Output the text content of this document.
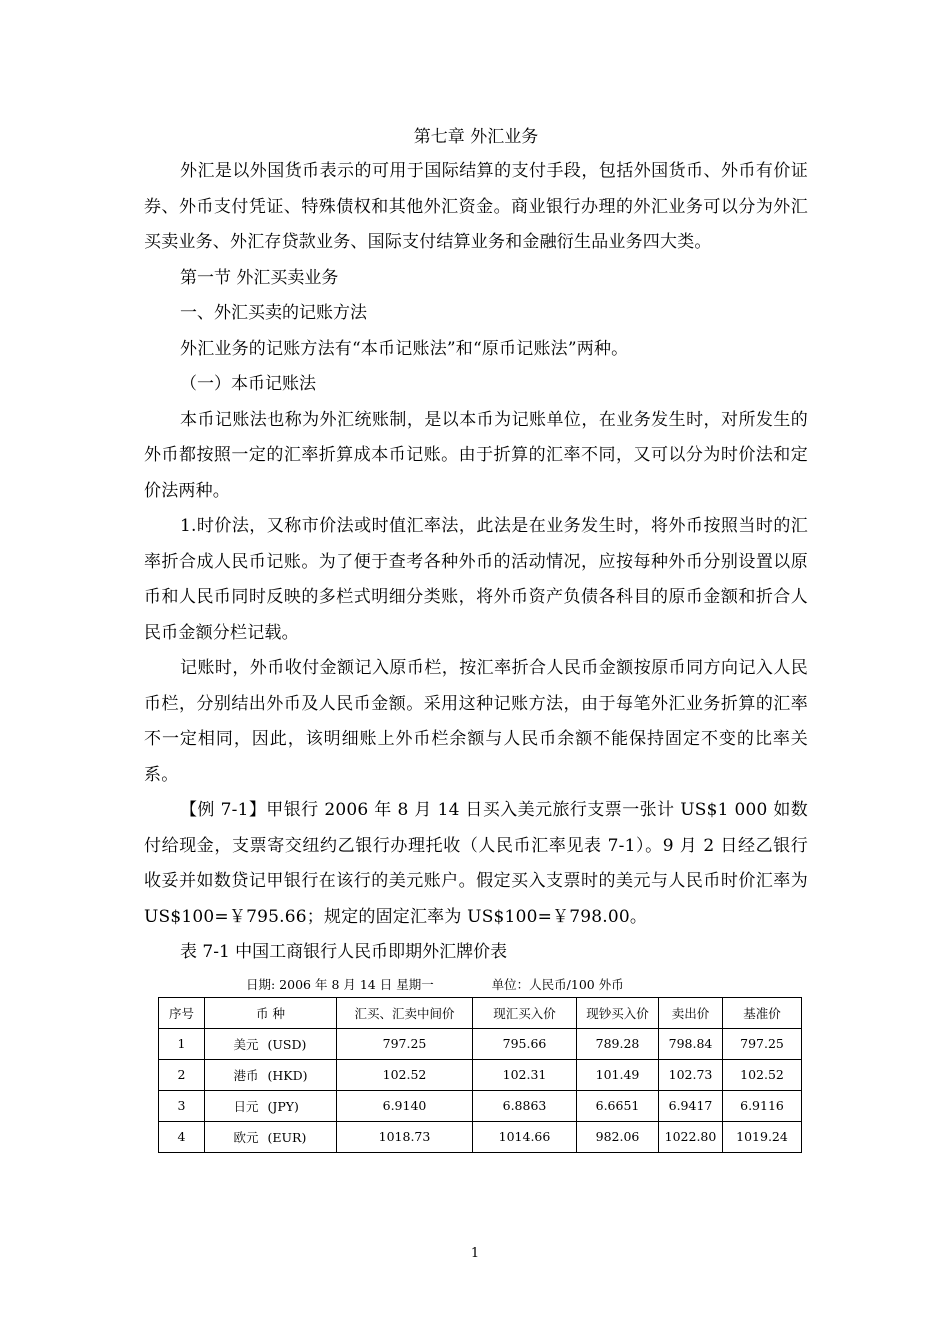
第七章 外汇业务

外汇是以外国货币表示的可用于国际结算的支付手段，包括外国货币、外币有价证券、外币支付凭证、特殊债权和其他外汇资金。商业银行办理的外汇业务可以分为外汇买卖业务、外汇存贷款业务、国际支付结算业务和金融衍生品业务四大类。

第一节 外汇买卖业务

一、外汇买卖的记账方法

外汇业务的记账方法有“本币记账法”和“原币记账法”两种。

（一）本币记账法

本币记账法也称为外汇统账制，是以本币为记账单位，在业务发生时，对所发生的外币都按照一定的汇率折算成本币记账。由于折算的汇率不同，又可以分为时价法和定价法两种。

1.时价法，又称市价法或时值汇率法，此法是在业务发生时，将外币按照当时的汇率折合成人民币记账。为了便于查考各种外币的活动情况，应按每种外币分别设置以原币和人民币同时反映的多栏式明细分类账，将外币资产负债各科目的原币金额和折合人民币金额分栏记载。

记账时，外币收付金额记入原币栏，按汇率折合人民币金额按原币同方向记入人民币栏，分别结出外币及人民币金额。采用这种记账方法，由于每笔外汇业务折算的汇率不一定相同，因此，该明细账上外币栏余额与人民币余额不能保持固定不变的比率关系。

【例 7-1】甲银行 2006 年 8 月 14 日买入美元旅行支票一张计 US$1 000 如数付给现金，支票寄交纽约乙银行办理托收（人民币汇率见表 7-1）。9 月 2 日经乙银行收妥并如数贷记甲银行在该行的美元账户。假定买入支票时的美元与人民币时价汇率为 US$100=￥795.66；规定的固定汇率为 US$100=￥798.00。

表 7-1 中国工商银行人民币即期外汇牌价表

日期: 2006 年 8 月 14 日 星期一	单位：人民币/100 外币
序号	币 种	汇买、汇卖中间价	现汇买入价	现钞买入价	卖出价	基准价
1	美元 (USD)	797.25	795.66	789.28	798.84	797.25
2	港币 (HKD)	102.52	102.31	101.49	102.73	102.52
3	日元 (JPY)	6.9140	6.8863	6.6651	6.9417	6.9116
4	欧元 (EUR)	1018.73	1014.66	982.06	1022.80	1019.24
1
